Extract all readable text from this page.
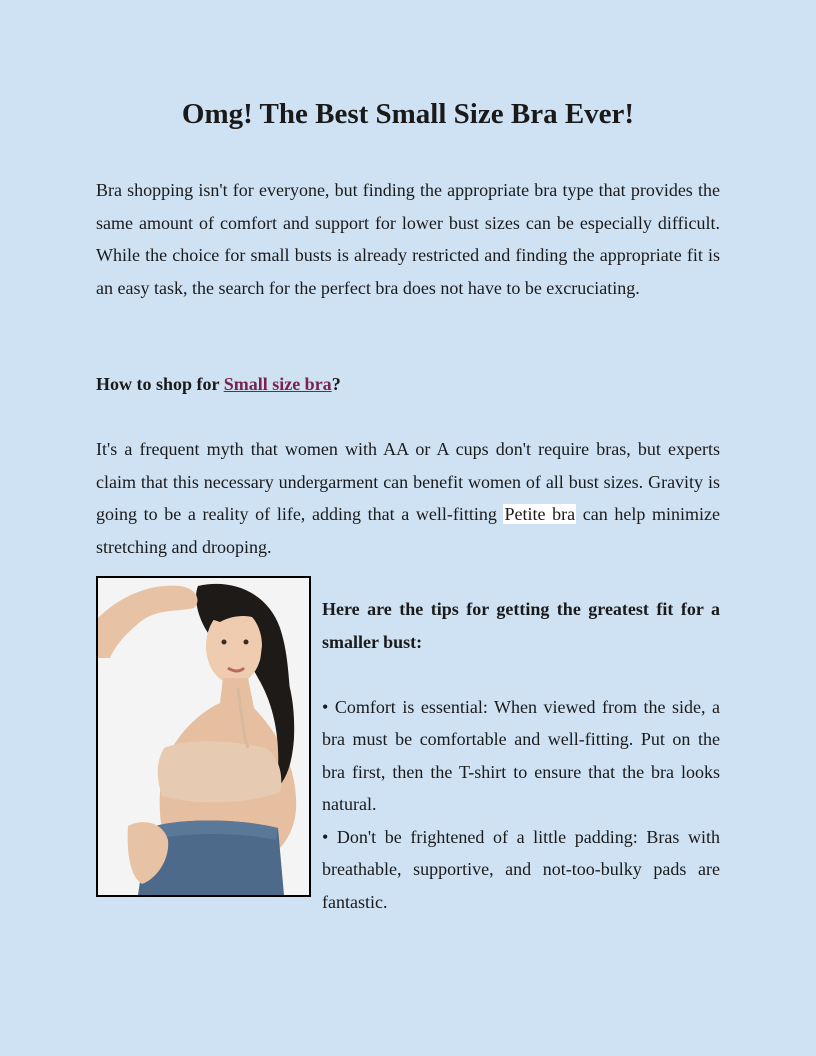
Omg! The Best Small Size Bra Ever!

Bra shopping isn't for everyone, but finding the appropriate bra type that provides the same amount of comfort and support for lower bust sizes can be especially difficult. While the choice for small busts is already restricted and finding the appropriate fit is an easy task, the search for the perfect bra does not have to be excruciating.

How to shop for Small size bra?

It's a frequent myth that women with AA or A cups don't require bras, but experts claim that this necessary undergarment can benefit women of all bust sizes. Gravity is going to be a reality of life, adding that a well-fitting Petite bra can help minimize stretching and drooping.

Here are the tips for getting the greatest fit for a smaller bust:

• Comfort is essential: When viewed from the side, a bra must be comfortable and well-fitting. Put on the bra first, then the T-shirt to ensure that the bra looks natural.

• Don't be frightened of a little padding: Bras with breathable, supportive, and not-too-bulky pads are fantastic.
